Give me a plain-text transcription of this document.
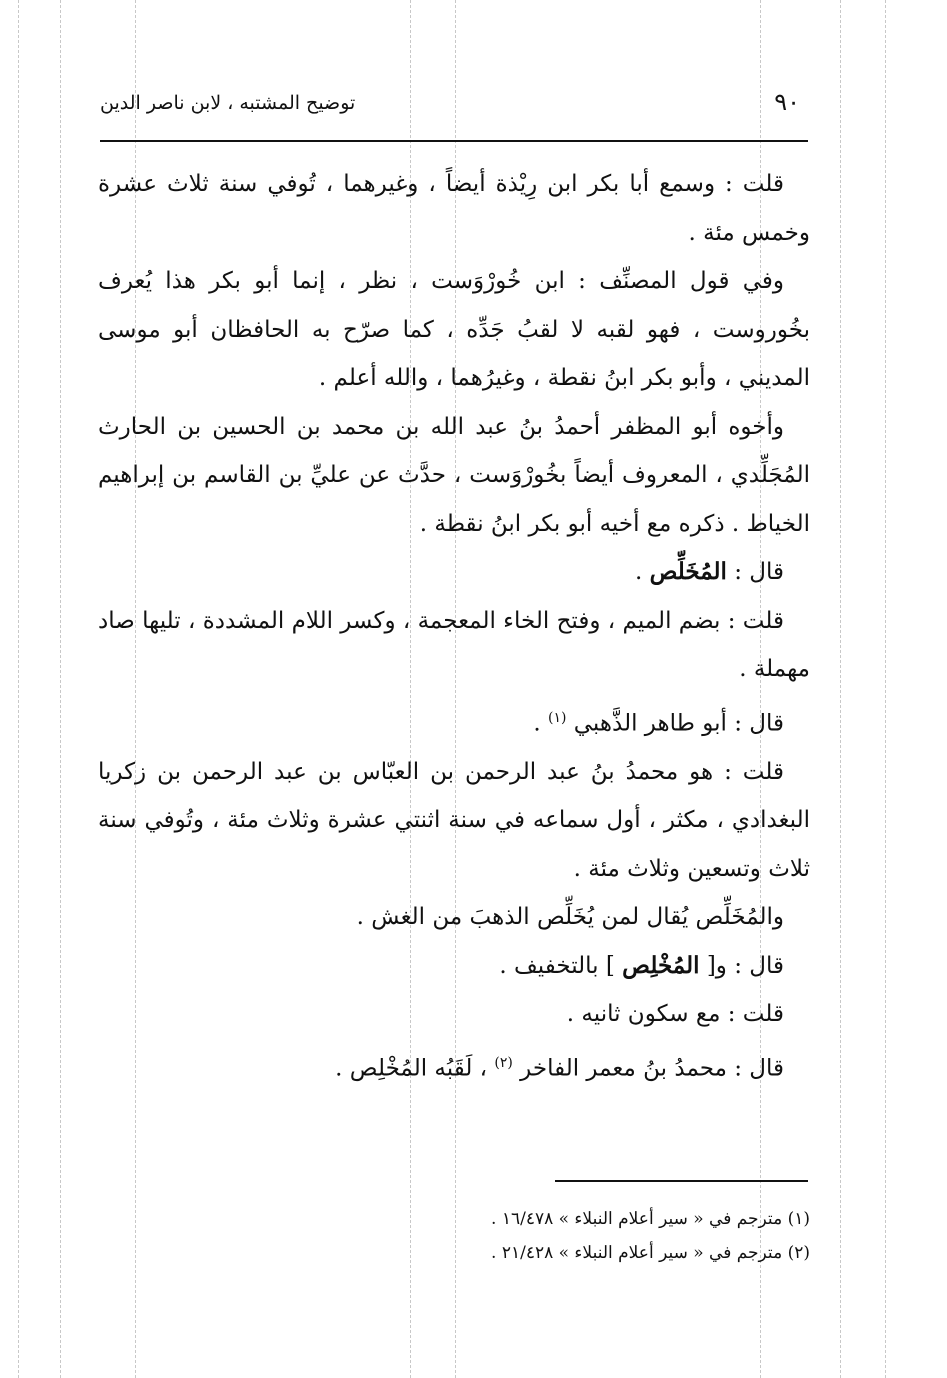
٩٠
توضيح المشتبه ، لابن ناصر الدين

قلت : وسمع أبا بكر ابن رِيْذة أيضاً ، وغيرهما ، تُوفي سنة ثلاث عشرة وخمس مئة .

وفي قول المصنِّف : ابن خُورْوَست ، نظر ، إنما أبو بكر هذا يُعرف بخُوروست ، فهو لقبه لا لقبُ جَدِّه ، كما صرّح به الحافظان أبو موسى المديني ، وأبو بكر ابنُ نقطة ، وغيرُهما ، والله أعلم .

وأخوه أبو المظفر أحمدُ بنُ عبد الله بن محمد بن الحسين بن الحارث المُجَلِّدي ، المعروف أيضاً بخُورْوَست ، حدَّث عن عليِّ بن القاسم بن إبراهيم الخياط . ذكره مع أخيه أبو بكر ابنُ نقطة .

قال : المُخَلِّص .

قلت : بضم الميم ، وفتح الخاء المعجمة ، وكسر اللام المشددة ، تليها صاد مهملة .

قال : أبو طاهر الذَّهبي $^{(١)}$ .

قلت : هو محمدُ بنُ عبد الرحمن بن العبّاس بن عبد الرحمن بن زكريا البغدادي ، مكثر ، أول سماعه في سنة اثنتي عشرة وثلاث مئة ، وتُوفي سنة ثلاث وتسعين وثلاث مئة .

والمُخَلِّص يُقال لمن يُخَلِّص الذهبَ من الغش .

قال : و[ المُخْلِص ] بالتخفيف .

قلت : مع سكون ثانيه .

قال : محمدُ بنُ معمر الفاخر $^{(٢)}$ ، لَقَبُه المُخْلِص .

(١) مترجم في « سير أعلام النبلاء » ١٦/٤٧٨ .

(٢) مترجم في « سير أعلام النبلاء » ٢١/٤٢٨ .
